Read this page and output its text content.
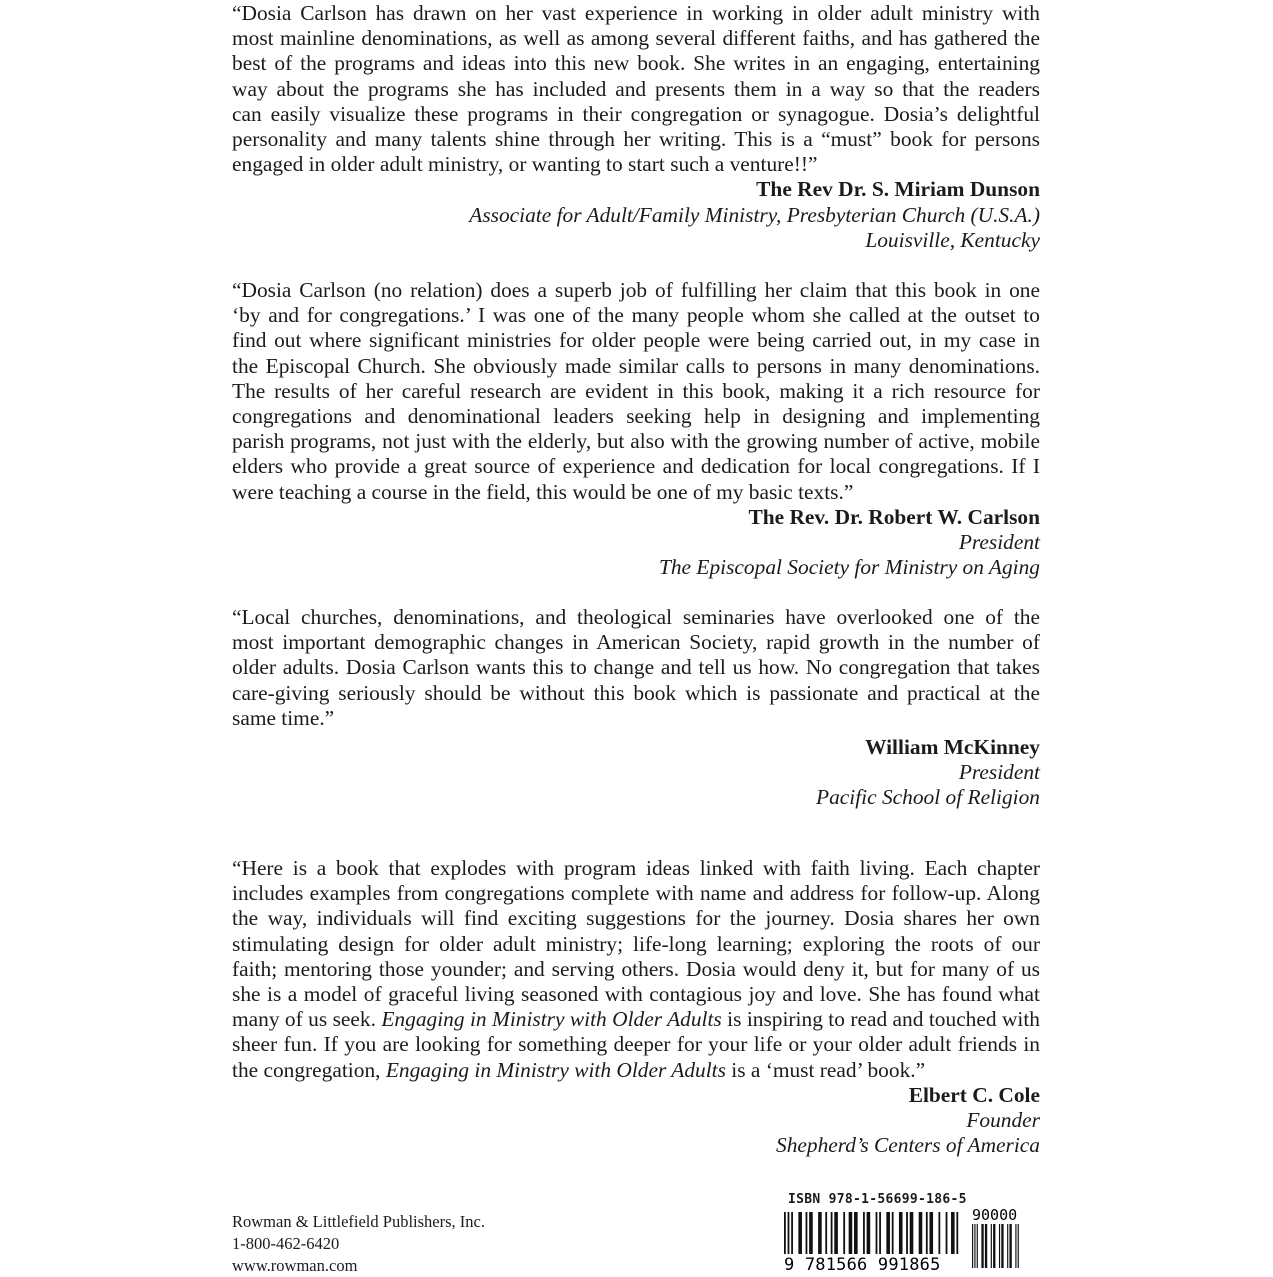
“Dosia Carlson has drawn on her vast experience in working in older adult ministry with
most mainline denominations, as well as among several different faiths, and has gathered the
best of the programs and ideas into this new book. She writes in an engaging, entertaining
way about the programs she has included and presents them in a way so that the readers
can easily visualize these programs in their congregation or synagogue. Dosia’s delightful
personality and many talents shine through her writing. This is a “must” book for persons
engaged in older adult ministry, or wanting to start such a venture!!”

The Rev Dr. S. Miriam Dunson
Associate for Adult/Family Ministry, Presbyterian Church (U.S.A.)
Louisville, Kentucky

“Dosia Carlson (no relation) does a superb job of fulfilling her claim that this book in one
‘by and for congregations.’ I was one of the many people whom she called at the outset to
find out where significant ministries for older people were being carried out, in my case in
the Episcopal Church. She obviously made similar calls to persons in many denominations.
The results of her careful research are evident in this book, making it a rich resource for
congregations and denominational leaders seeking help in designing and implementing
parish programs, not just with the elderly, but also with the growing number of active, mobile
elders who provide a great source of experience and dedication for local congregations. If I
were teaching a course in the field, this would be one of my basic texts.”

The Rev. Dr. Robert W. Carlson
President
The Episcopal Society for Ministry on Aging

“Local churches, denominations, and theological seminaries have overlooked one of the
most important demographic changes in American Society, rapid growth in the number of
older adults. Dosia Carlson wants this to change and tell us how. No congregation that takes
care-giving seriously should be without this book which is passionate and practical at the
same time.”

William McKinney
President
Pacific School of Religion

“Here is a book that explodes with program ideas linked with faith living. Each chapter
includes examples from congregations complete with name and address for follow-up. Along
the way, individuals will find exciting suggestions for the journey. Dosia shares her own
stimulating design for older adult ministry; life-long learning; exploring the roots of our
faith; mentoring those younder; and serving others. Dosia would deny it, but for many of us
she is a model of graceful living seasoned with contagious joy and love. She has found what
many of us seek. Engaging in Ministry with Older Adults is inspiring to read and touched with
sheer fun. If you are looking for something deeper for your life or your older adult friends in
the congregation, Engaging in Ministry with Older Adults is a ‘must read’ book.”

Elbert C. Cole
Founder
Shepherd’s Centers of America
Rowman & Littlefield Publishers, Inc.
1-800-462-6420
www.rowman.com
ISBN 978-1-56699-186-5
9 781566 991865
90000
